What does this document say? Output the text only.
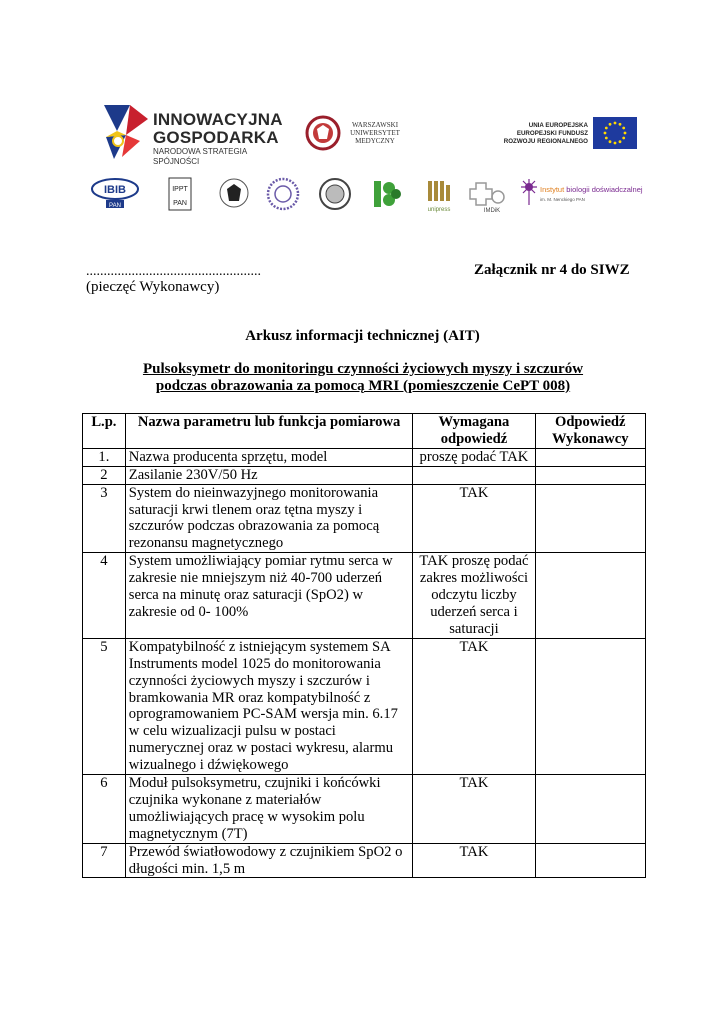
INNOWACYJNA
GOSPODARKA
NARODOWA STRATEGIA SPÓJNOŚCI
WARSZAWSKI
UNIWERSYTET
MEDYCZNY
UNIA EUROPEJSKA
EUROPEJSKI FUNDUSZ
ROZWOJU REGIONALNEGO
IBIB
PAN
IPPT
PAN
unipress	IMDiK
Instytut biologii doświadczalnej
im. M. Nenckiego PAN
..................................................
(pieczęć Wykonawcy)
Załącznik nr 4 do SIWZ
Arkusz informacji technicznej (AIT)
Pulsoksymetr do monitoringu czynności życiowych myszy i szczurów podczas obrazowania za pomocą MRI (pomieszczenie CePT 008)
L.p.	Nazwa parametru lub funkcja pomiarowa	Wymagana odpowiedź	Odpowiedź Wykonawcy
1.	Nazwa producenta sprzętu, model	proszę podać TAK	
2	Zasilanie 230V/50 Hz		
3	System do nieinwazyjnego monitorowania saturacji krwi tlenem oraz tętna myszy i szczurów podczas obrazowania za pomocą rezonansu magnetycznego	TAK	
4	System umożliwiający pomiar rytmu serca w zakresie nie mniejszym niż 40-700 uderzeń serca na minutę oraz saturacji (SpO2) w zakresie od 0- 100%	TAK proszę podać zakres możliwości odczytu liczby uderzeń serca i saturacji	
5	Kompatybilność z istniejącym systemem SA Instruments model 1025 do monitorowania czynności życiowych myszy i szczurów i bramkowania MR oraz kompatybilność z oprogramowaniem PC-SAM wersja min. 6.17 w celu wizualizacji pulsu w postaci numerycznej oraz w postaci wykresu, alarmu wizualnego i dźwiękowego	TAK	
6	Moduł pulsoksymetru, czujniki i końcówki czujnika wykonane z materiałów umożliwiających pracę w wysokim polu magnetycznym (7T)	TAK	
7	Przewód światłowodowy z czujnikiem SpO2 o długości min. 1,5 m	TAK	
